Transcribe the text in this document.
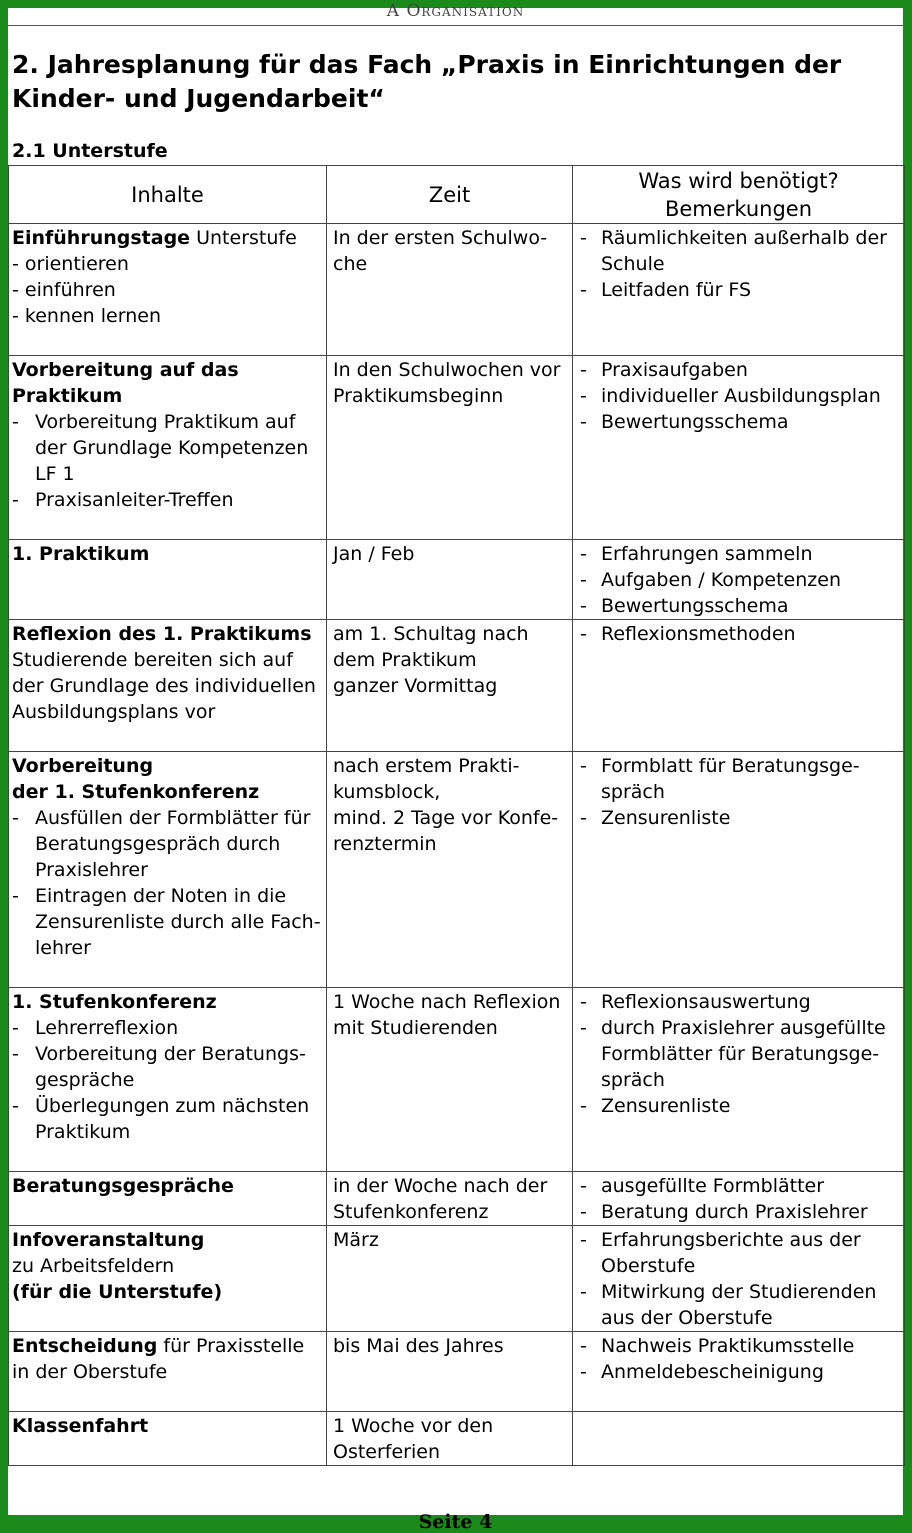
A Organisation
2. Jahresplanung für das Fach „Praxis in Einrichtungen der Kinder- und Jugendarbeit“
2.1 Unterstufe
Inhalte	Zeit	Was wird benötigt?
Bemerkungen

Einführungstage Unterstufe
- orientieren
- einführen
- kennen lernen	In der ersten Schulwo-
che	- Räumlichkeiten außerhalb der Schule
- Leitfaden für FS

Vorbereitung auf das
Praktikum
- Vorbereitung Praktikum auf der Grundlage Kompetenzen LF 1
- Praxisanleiter-Treffen	In den Schulwochen vor
Praktikumsbeginn	- Praxisaufgaben
- individueller Ausbildungsplan
- Bewertungsschema

1. Praktikum	Jan / Feb	- Erfahrungen sammeln
- Aufgaben / Kompetenzen
- Bewertungsschema

Reflexion des 1. Praktikums
Studierende bereiten sich auf
der Grundlage des individuellen
Ausbildungsplans vor	am 1. Schultag nach
dem Praktikum
ganzer Vormittag	- Reflexionsmethoden

Vorbereitung
der 1. Stufenkonferenz
- Ausfüllen der Formblätter für Beratungsgespräch durch Praxislehrer
- Eintragen der Noten in die Zensurenliste durch alle Fach-lehrer	nach erstem Prakti-
kumsblock,
mind. 2 Tage vor Konfe-
renztermin	- Formblatt für Beratungsge-spräch
- Zensurenliste

1. Stufenkonferenz
- Lehrerreflexion
- Vorbereitung der Beratungs-gespräche
- Überlegungen zum nächsten Praktikum	1 Woche nach Reflexion
mit Studierenden	- Reflexionsauswertung
- durch Praxislehrer ausgefüllte Formblätter für Beratungsge-spräch
- Zensurenliste

Beratungsgespräche	in der Woche nach der
Stufenkonferenz	- ausgefüllte Formblätter
- Beratung durch Praxislehrer

Infoveranstaltung
zu Arbeitsfeldern
(für die Unterstufe)	März	- Erfahrungsberichte aus der Oberstufe
- Mitwirkung der Studierenden aus der Oberstufe

Entscheidung für Praxisstelle
in der Oberstufe	bis Mai des Jahres	- Nachweis Praktikumsstelle
- Anmeldebescheinigung

Klassenfahrt	1 Woche vor den
Osterferien	

Seite 4
